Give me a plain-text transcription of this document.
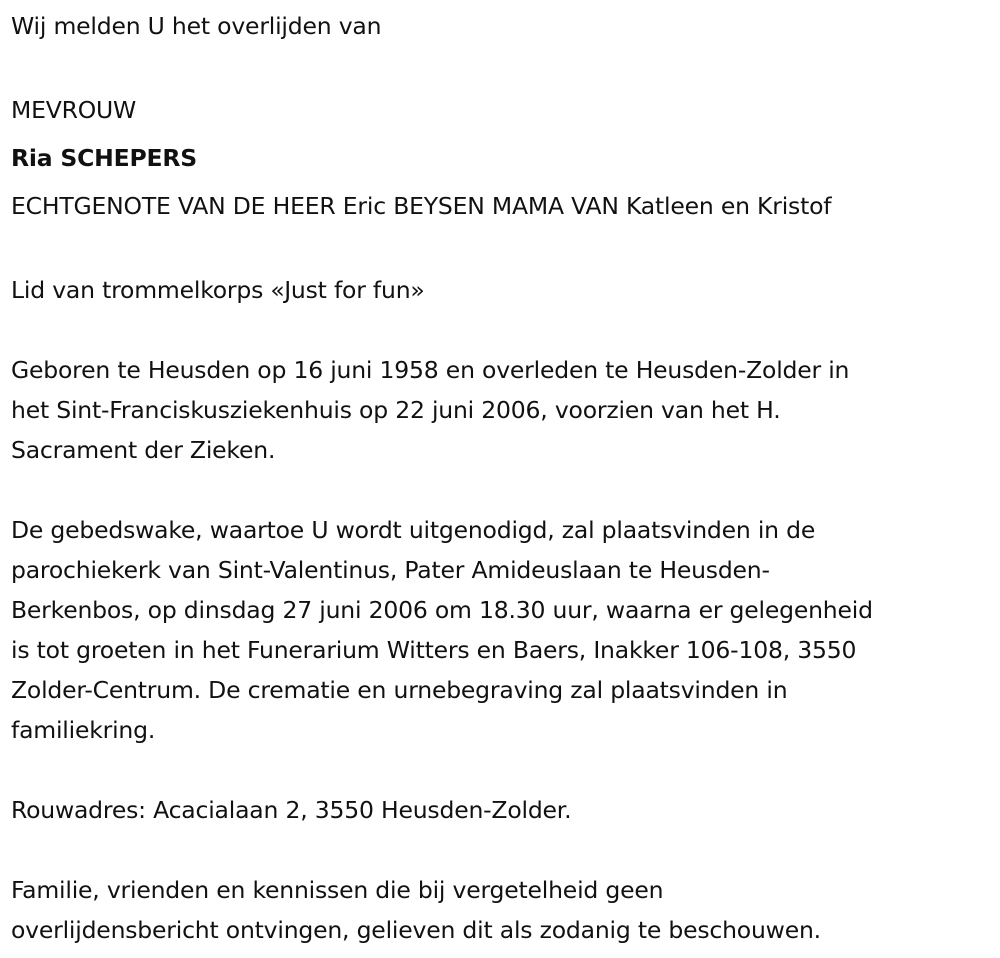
Wij melden U het overlijden van
MEVROUW
Ria SCHEPERS
ECHTGENOTE VAN DE HEER Eric BEYSEN MAMA VAN Katleen en Kristof
Lid van trommelkorps «Just for fun»
Geboren te Heusden op 16 juni 1958 en overleden te Heusden-Zolder in
het Sint-Franciskusziekenhuis op 22 juni 2006, voorzien van het H.
Sacrament der Zieken.
De gebedswake, waartoe U wordt uitgenodigd, zal plaatsvinden in de
parochiekerk van Sint-Valentinus, Pater Amideuslaan te Heusden-
Berkenbos, op dinsdag 27 juni 2006 om 18.30 uur, waarna er gelegenheid
is tot groeten in het Funerarium Witters en Baers, Inakker 106-108, 3550
Zolder-Centrum. De crematie en urnebegraving zal plaatsvinden in
familiekring.
Rouwadres: Acacialaan 2, 3550 Heusden-Zolder.
Familie, vrienden en kennissen die bij vergetelheid geen
overlijdensbericht ontvingen, gelieven dit als zodanig te beschouwen.
